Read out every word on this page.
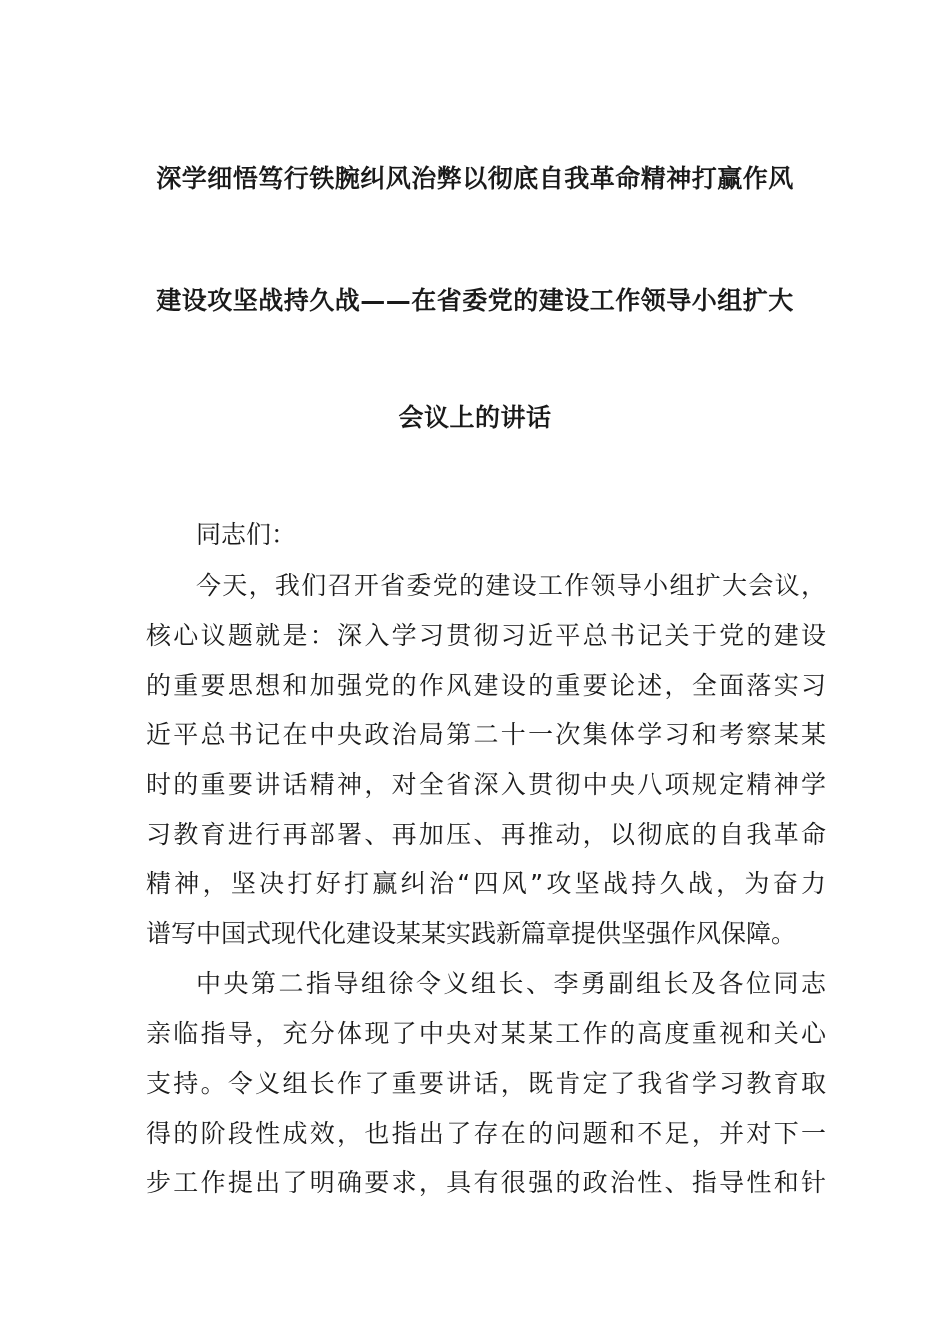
深学细悟笃行铁腕纠风治弊以彻底自我革命精神打赢作风
建设攻坚战持久战——在省委党的建设工作领导小组扩大
会议上的讲话
同志们：
今天，我们召开省委党的建设工作领导小组扩大会议，
核心议题就是：深入学习贯彻习近平总书记关于党的建设
的重要思想和加强党的作风建设的重要论述，全面落实习
近平总书记在中央政治局第二十一次集体学习和考察某某
时的重要讲话精神，对全省深入贯彻中央八项规定精神学
习教育进行再部署、再加压、再推动，以彻底的自我革命
精神，坚决打好打赢纠治“四风”攻坚战持久战，为奋力
谱写中国式现代化建设某某实践新篇章提供坚强作风保障。
中央第二指导组徐令义组长、李勇副组长及各位同志
亲临指导，充分体现了中央对某某工作的高度重视和关心
支持。令义组长作了重要讲话，既肯定了我省学习教育取
得的阶段性成效，也指出了存在的问题和不足，并对下一
步工作提出了明确要求，具有很强的政治性、指导性和针
